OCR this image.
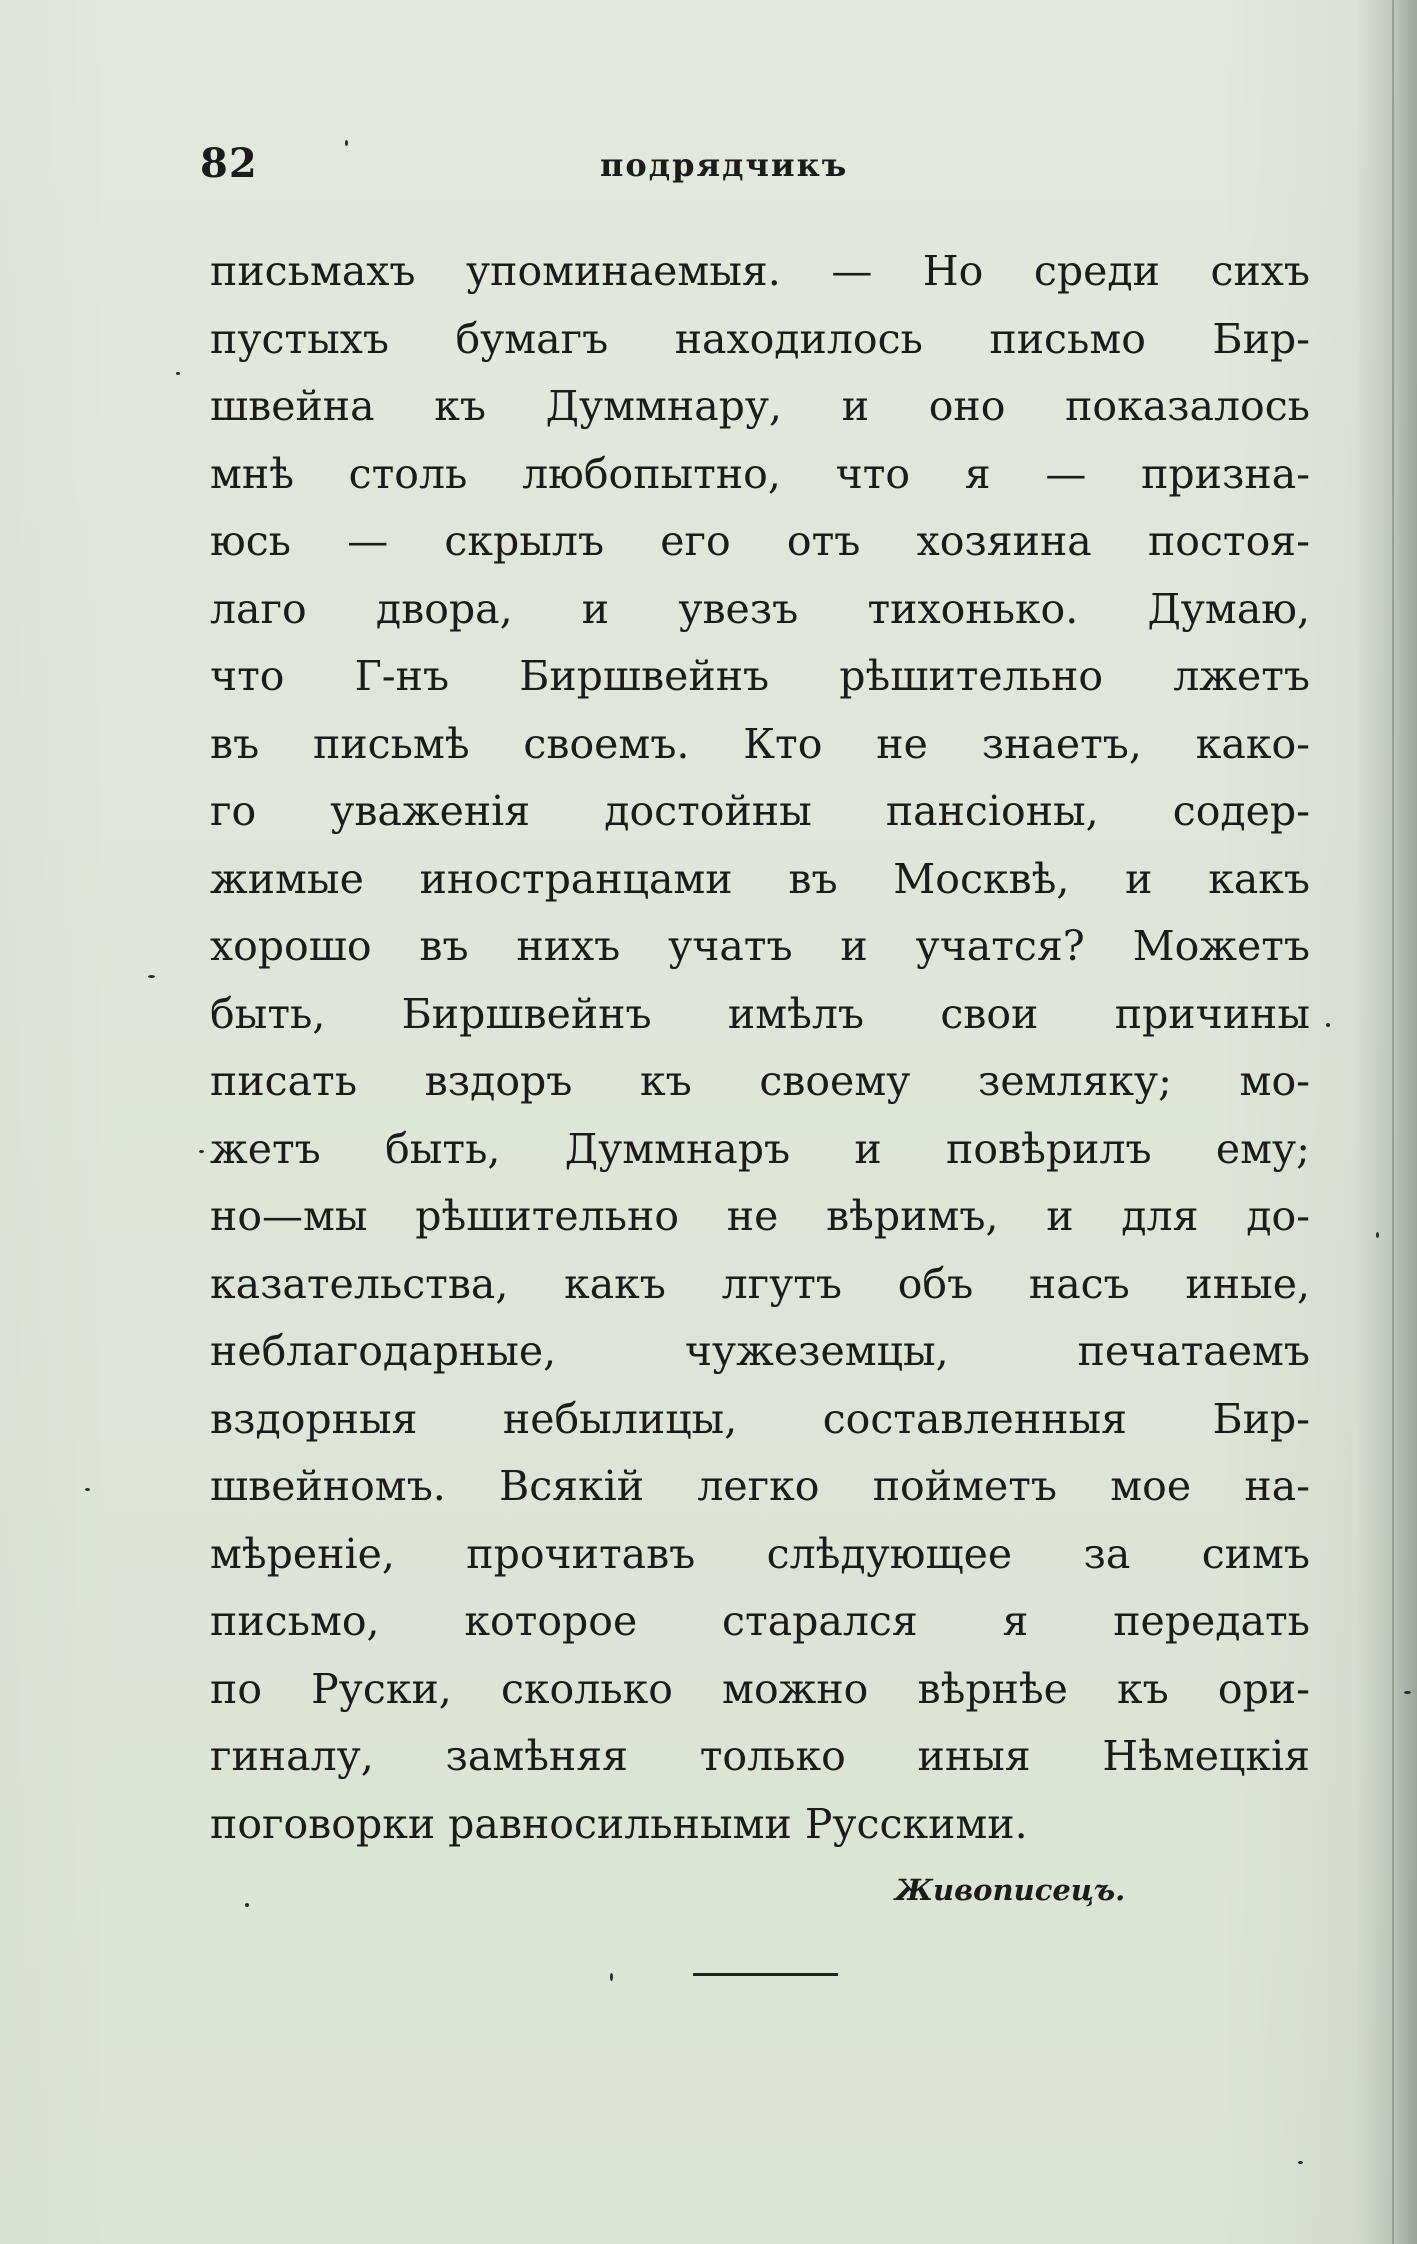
82	подрядчикъ
письмахъ упоминаемыя. — Но среди сихъ
пустыхъ бумагъ находилось письмо Бир-
швейна къ Думмнару, и оно показалось
мнѣ столь любопытно, что я — призна-
юсь — скрылъ его отъ хозяина постоя-
лаго двора, и увезъ тихонько. Думаю,
что Г-нъ Биршвейнъ рѣшительно лжетъ
въ письмѣ своемъ. Кто не знаетъ, како-
го уваженія достойны пансіоны, содер-
жимые иностранцами въ Москвѣ, и какъ
хорошо въ нихъ учатъ и учатся? Можетъ
быть, Биршвейнъ имѣлъ свои причины
писать вздоръ къ своему земляку; мо-
жетъ быть, Думмнаръ и повѣрилъ ему;
но—мы рѣшительно не вѣримъ, и для до-
казательства, какъ лгутъ объ насъ иные,
неблагодарные, чужеземцы, печатаемъ
вздорныя небылицы, составленныя Бир-
швейномъ. Всякій легко пойметъ мое на-
мѣреніе, прочитавъ слѣдующее за симъ
письмо, которое старался я передать
по Руски, сколько можно вѣрнѣе къ ори-
гиналу, замѣняя только иныя Нѣмецкія
поговорки равносильными Русскими.
Живописецъ.
